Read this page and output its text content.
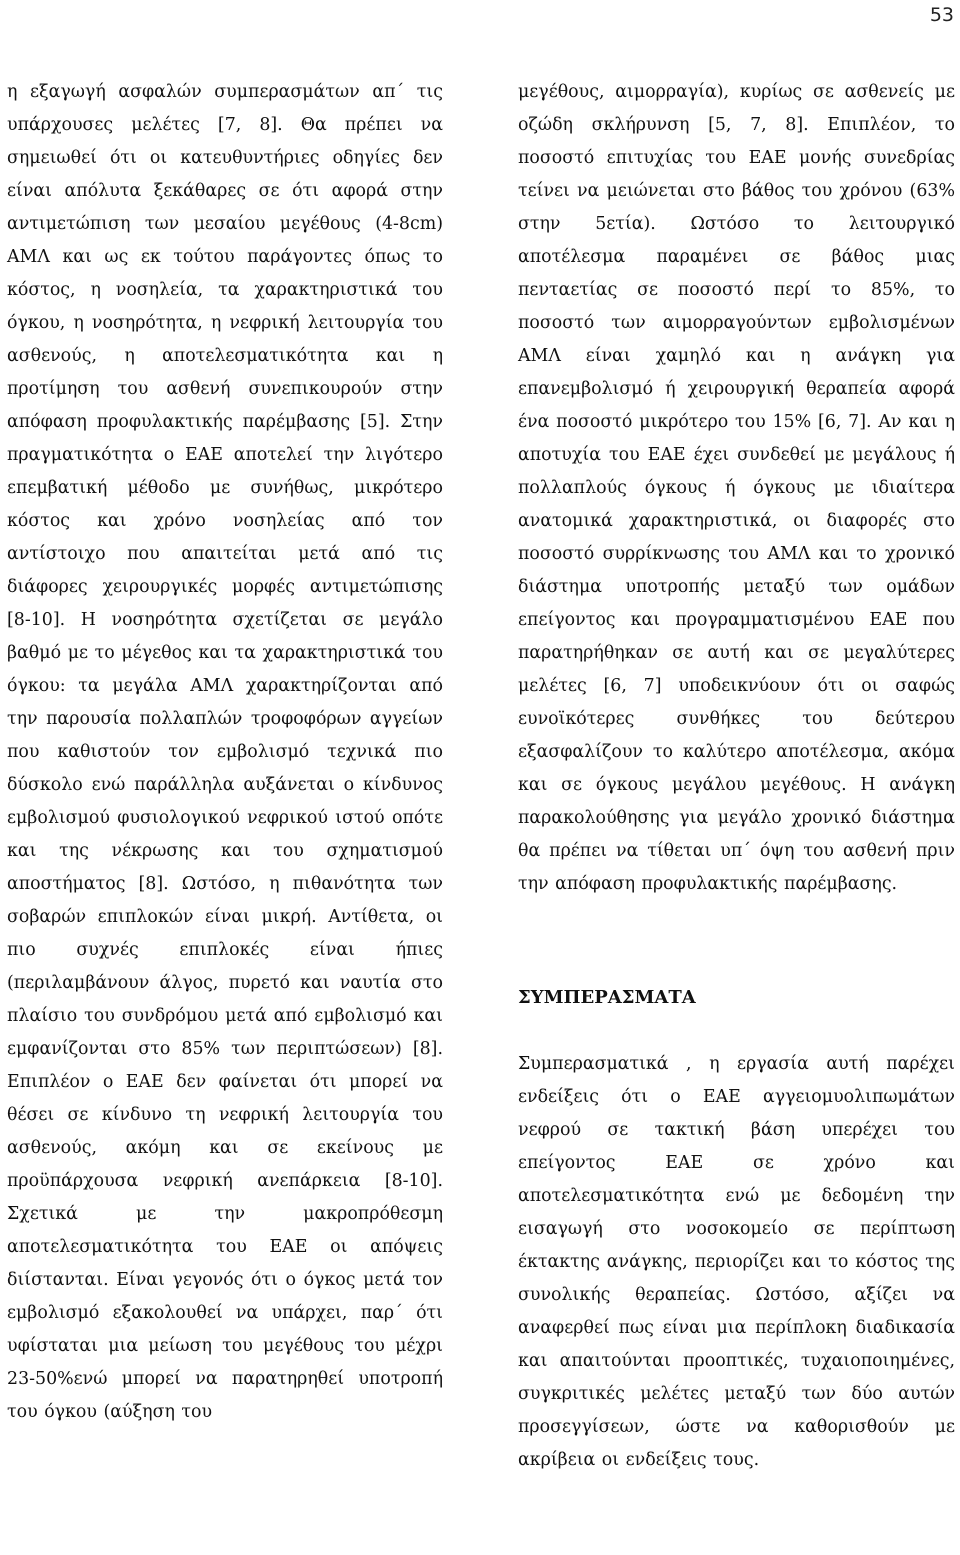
53

η εξαγωγή ασφαλών συμπερασμάτων απ΄ τις υπάρχουσες μελέτες [7, 8]. Θα πρέπει να σημειωθεί ότι οι κατευθυντήριες οδηγίες δεν είναι απόλυτα ξεκάθαρες σε ότι αφορά στην αντιμετώπιση των μεσαίου μεγέθους (4-8cm) ΑΜΛ και ως εκ τούτου παράγοντες όπως το κόστος, η νοσηλεία, τα χαρακτηριστικά του όγκου, η νοσηρότητα, η νεφρική λειτουργία του ασθενούς, η αποτελεσματικότητα και η προτίμηση του ασθενή συνεπικουρούν στην απόφαση προφυλακτικής παρέμβασης [5]. Στην πραγματικότητα ο ΕΑΕ αποτελεί την λιγότερο επεμβατική μέθοδο με συνήθως, μικρότερο κόστος και χρόνο νοσηλείας από τον αντίστοιχο που απαιτείται μετά από τις διάφορες χειρουργικές μορφές αντιμετώπισης [8-10]. Η νοσηρότητα σχετίζεται σε μεγάλο βαθμό με το μέγεθος και τα χαρακτηριστικά του όγκου: τα μεγάλα ΑΜΛ χαρακτηρίζονται από την παρουσία πολλαπλών τροφοφόρων αγγείων που καθιστούν τον εμβολισμό τεχνικά πιο δύσκολο ενώ παράλληλα αυξάνεται ο κίνδυνος εμβολισμού φυσιολογικού νεφρικού ιστού οπότε και της νέκρωσης και του σχηματισμού αποστήματος [8]. Ωστόσο, η πιθανότητα των σοβαρών επιπλοκών είναι μικρή. Αντίθετα, οι πιο συχνές επιπλοκές είναι ήπιες (περιλαμβάνουν άλγος, πυρετό και ναυτία στο πλαίσιο του συνδρόμου μετά από εμβολισμό και εμφανίζονται στο 85% των περιπτώσεων) [8]. Επιπλέον ο ΕΑΕ δεν φαίνεται ότι μπορεί να θέσει σε κίνδυνο τη νεφρική λειτουργία του ασθενούς, ακόμη και σε εκείνους με προϋπάρχουσα νεφρική ανεπάρκεια [8-10]. Σχετικά με την μακροπρόθεσμη αποτελεσματικότητα του ΕΑΕ οι απόψεις διίστανται. Είναι γεγονός ότι ο όγκος μετά τον εμβολισμό εξακολουθεί να υπάρχει, παρ΄ ότι υφίσταται μια μείωση του μεγέθους του μέχρι 23-50%ενώ μπορεί να παρατηρηθεί υποτροπή του όγκου (αύξηση του

μεγέθους, αιμορραγία), κυρίως σε ασθενείς με οζώδη σκλήρυνση [5, 7, 8]. Επιπλέον, το ποσοστό επιτυχίας του ΕΑΕ μονής συνεδρίας τείνει να μειώνεται στο βάθος του χρόνου (63% στην 5ετία). Ωστόσο το λειτουργικό αποτέλεσμα παραμένει σε βάθος μιας πενταετίας σε ποσοστό περί το 85%, το ποσοστό των αιμορραγούντων εμβολισμένων ΑΜΛ είναι χαμηλό και η ανάγκη για επανεμβολισμό ή χειρουργική θεραπεία αφορά ένα ποσοστό μικρότερο του 15% [6, 7]. Αν και η αποτυχία του ΕΑΕ έχει συνδεθεί με μεγάλους ή πολλαπλούς όγκους ή όγκους με ιδιαίτερα ανατομικά χαρακτηριστικά, οι διαφορές στο ποσοστό συρρίκνωσης του ΑΜΛ και το χρονικό διάστημα υποτροπής μεταξύ των ομάδων επείγοντος και προγραμματισμένου ΕΑΕ που παρατηρήθηκαν σε αυτή και σε μεγαλύτερες μελέτες [6, 7] υποδεικνύουν ότι οι σαφώς ευνοϊκότερες συνθήκες του δεύτερου εξασφαλίζουν το καλύτερο αποτέλεσμα, ακόμα και σε όγκους μεγάλου μεγέθους. Η ανάγκη παρακολούθησης για μεγάλο χρονικό διάστημα θα πρέπει να τίθεται υπ΄ όψη του ασθενή πριν την απόφαση προφυλακτικής παρέμβασης.

ΣΥΜΠΕΡΑΣΜΑΤΑ

Συμπερασματικά , η εργασία αυτή παρέχει ενδείξεις ότι ο ΕΑΕ αγγειομυολιπωμάτων νεφρού σε τακτική βάση υπερέχει του επείγοντος ΕΑΕ σε χρόνο και αποτελεσματικότητα ενώ με δεδομένη την εισαγωγή στο νοσοκομείο σε περίπτωση έκτακτης ανάγκης, περιορίζει και το κόστος της συνολικής θεραπείας. Ωστόσο, αξίζει να αναφερθεί πως είναι μια περίπλοκη διαδικασία και απαιτούνται προοπτικές, τυχαιοποιημένες, συγκριτικές μελέτες μεταξύ των δύο αυτών προσεγγίσεων, ώστε να καθορισθούν με ακρίβεια οι ενδείξεις τους.
